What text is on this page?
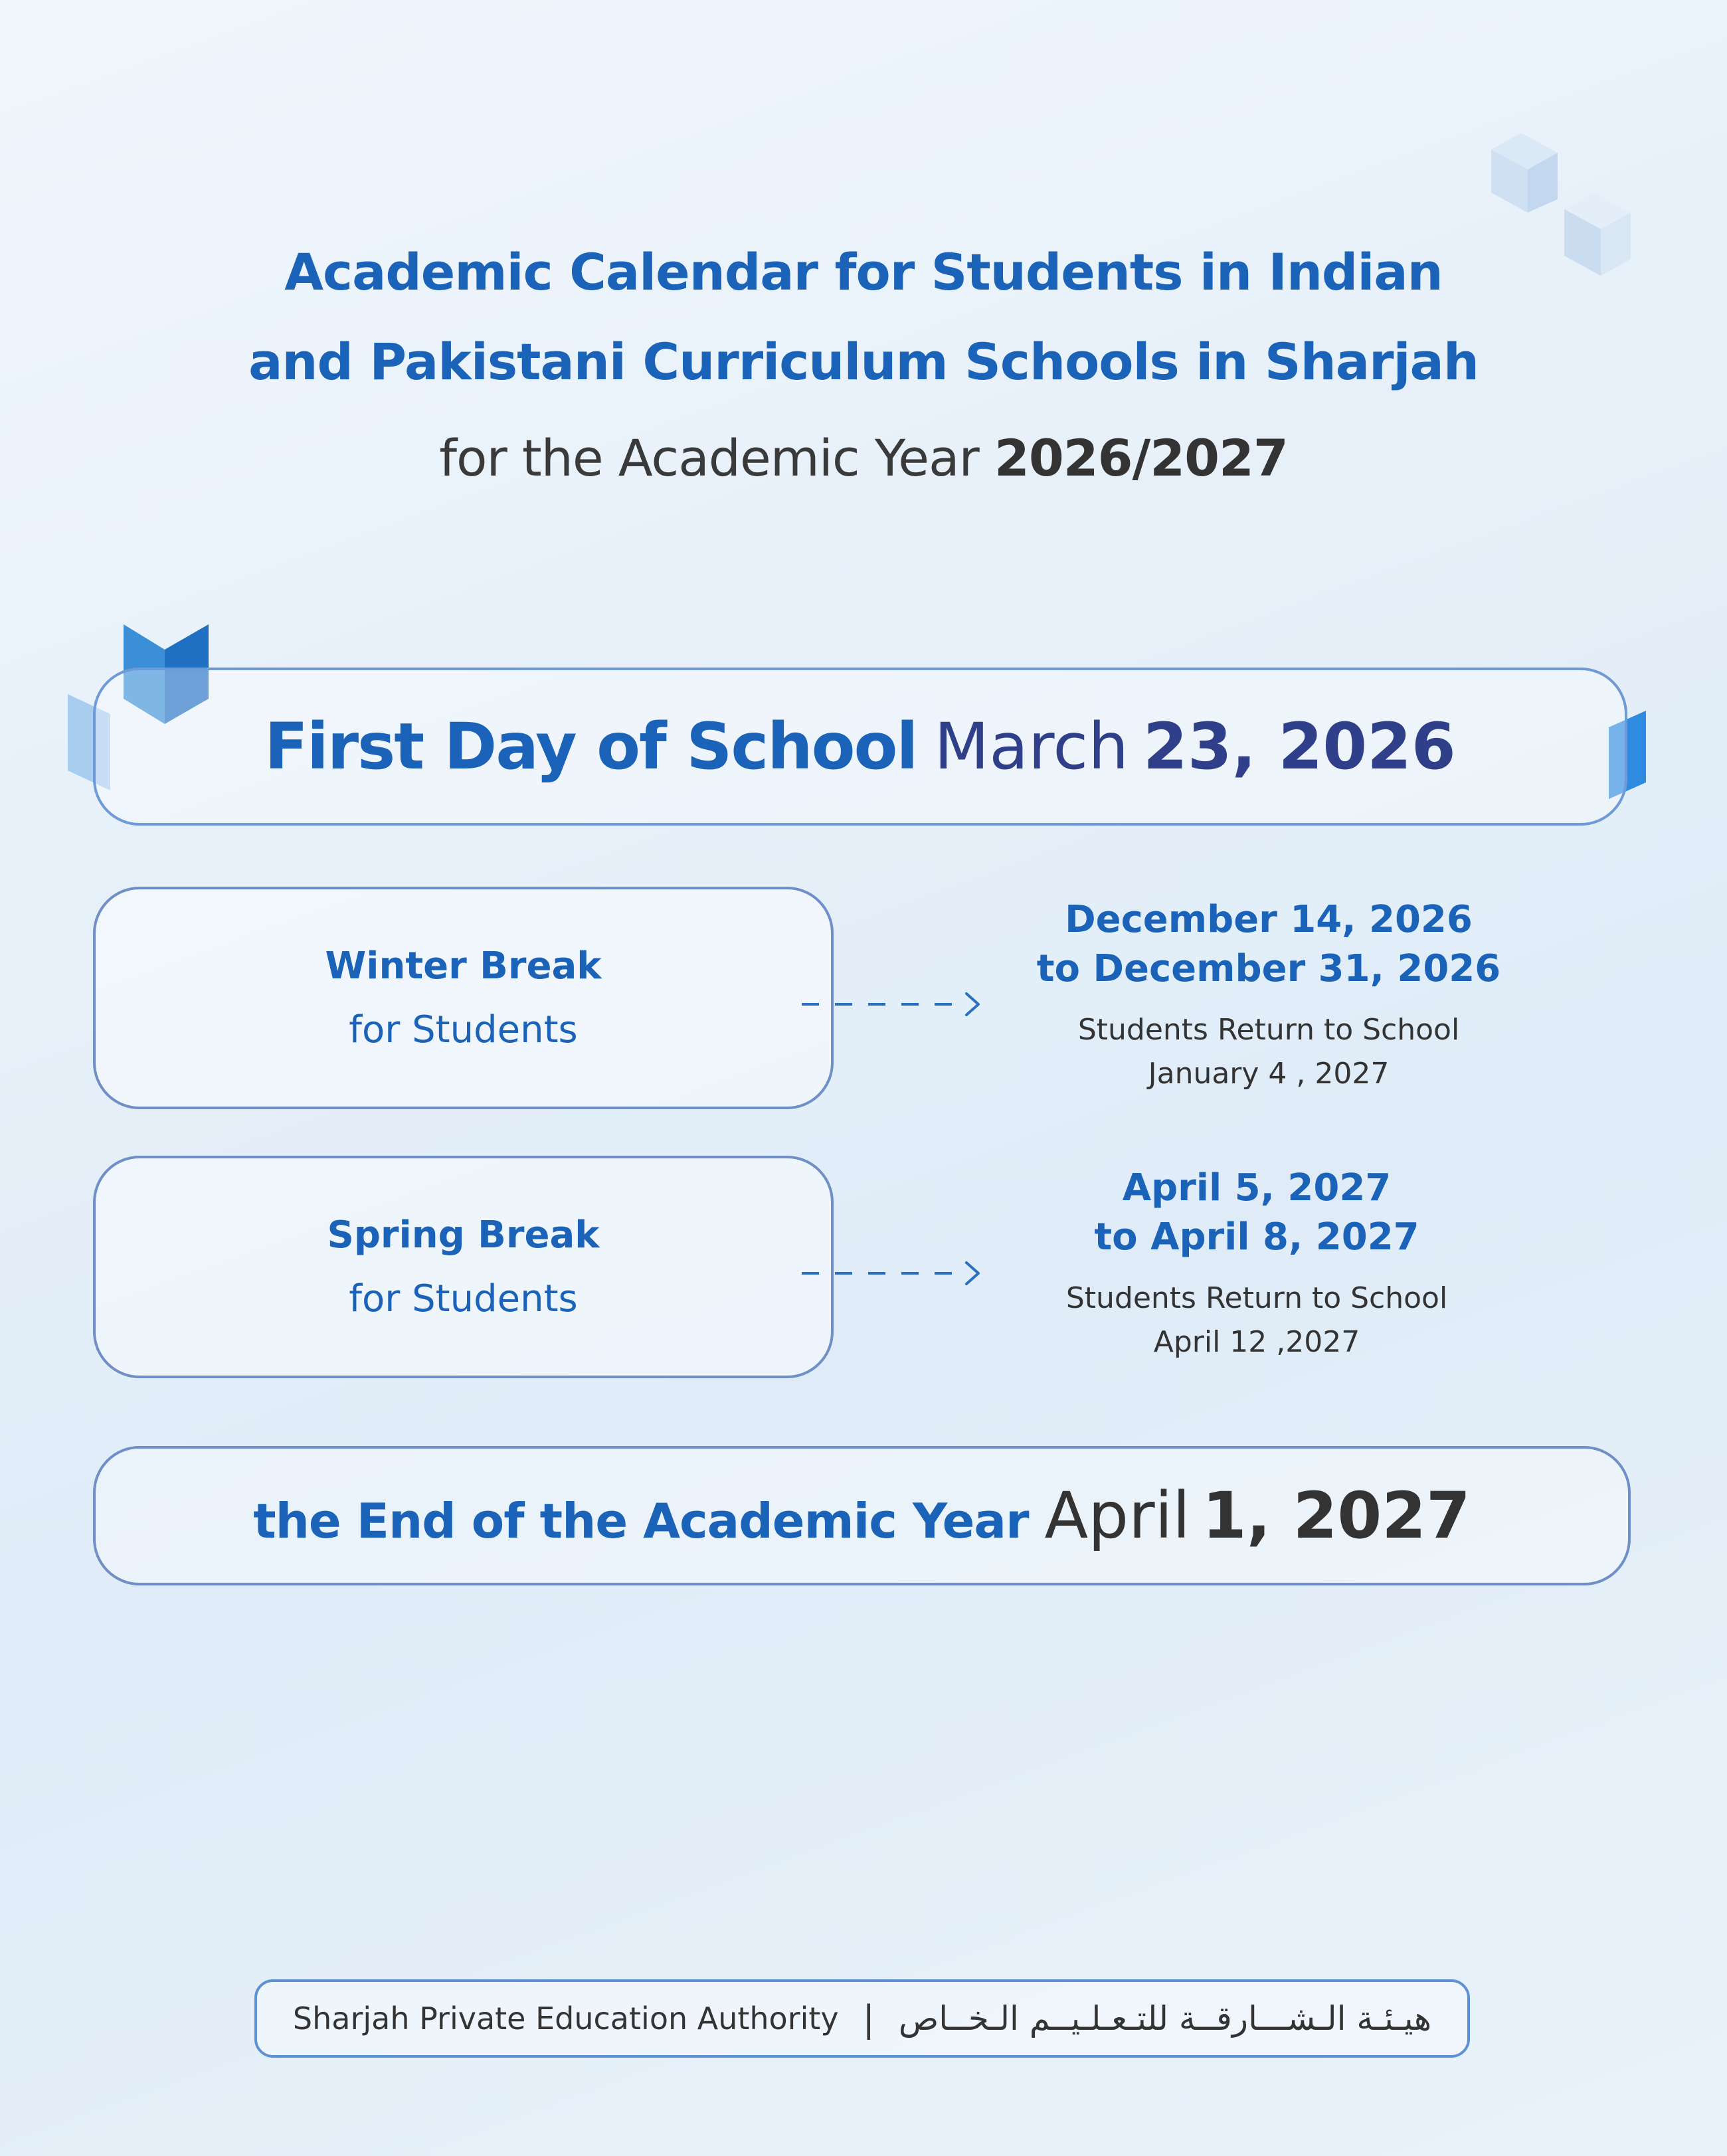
Academic Calendar for Students in Indian
and Pakistani Curriculum Schools in Sharjah
for the Academic Year 2026/2027
First Day of School March 23, 2026
Winter Break
for Students
December 14, 2026
to December 31, 2026
Students Return to School
January 4 , 2027
Spring Break
for Students
April 5, 2027
to April 8, 2027
Students Return to School
April 12 ,2027
the End of the Academic Year April 1, 2027
Sharjah Private Education Authority | هيـئـة الـشـــارقــة للتـعـلـيــم الـخــاص
